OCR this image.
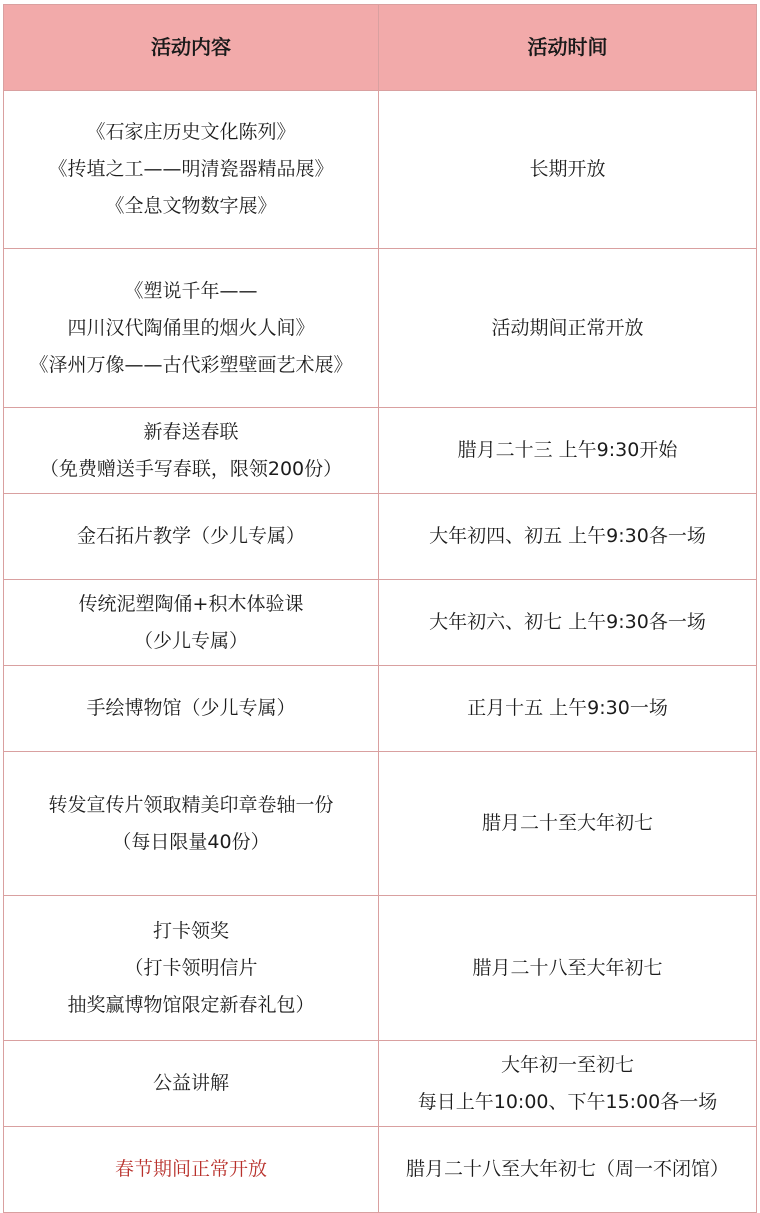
活动内容	活动时间

《石家庄历史文化陈列》
《抟埴之工——明清瓷器精品展》
《全息文物数字展》	长期开放

《塑说千年——
四川汉代陶俑里的烟火人间》
《泽州万像——古代彩塑壁画艺术展》	活动期间正常开放

新春送春联
（免费赠送手写春联，限领200份）	腊月二十三 上午9:30开始

金石拓片教学（少儿专属）	大年初四、初五 上午9:30各一场

传统泥塑陶俑+积木体验课
（少儿专属）	大年初六、初七 上午9:30各一场

手绘博物馆（少儿专属）	正月十五 上午9:30一场

转发宣传片领取精美印章卷轴一份
（每日限量40份）	腊月二十至大年初七

打卡领奖
（打卡领明信片
抽奖赢博物馆限定新春礼包）	腊月二十八至大年初七

公益讲解	大年初一至初七
每日上午10:00、下午15:00各一场

春节期间正常开放	腊月二十八至大年初七（周一不闭馆）
